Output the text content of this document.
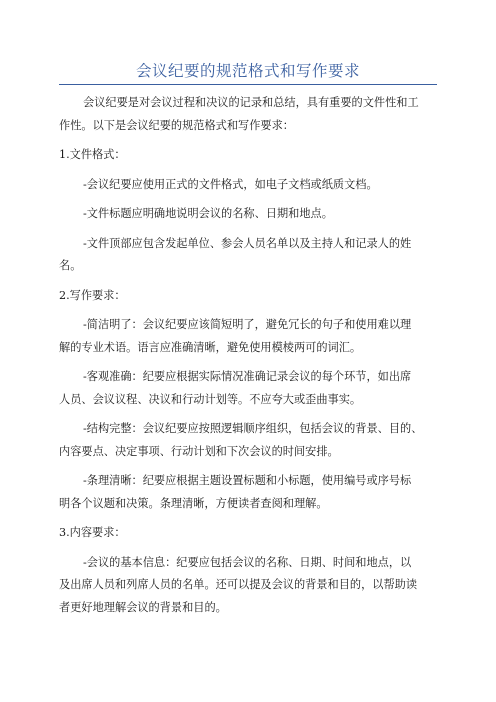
会议纪要的规范格式和写作要求

会议纪要是对会议过程和决议的记录和总结，具有重要的文件性和工

作性。以下是会议纪要的规范格式和写作要求：

1.文件格式：

-会议纪要应使用正式的文件格式，如电子文档或纸质文档。

-文件标题应明确地说明会议的名称、日期和地点。

-文件顶部应包含发起单位、参会人员名单以及主持人和记录人的姓

名。

2.写作要求：

-简洁明了：会议纪要应该简短明了，避免冗长的句子和使用难以理

解的专业术语。语言应准确清晰，避免使用模棱两可的词汇。

-客观准确：纪要应根据实际情况准确记录会议的每个环节，如出席

人员、会议议程、决议和行动计划等。不应夸大或歪曲事实。

-结构完整：会议纪要应按照逻辑顺序组织，包括会议的背景、目的、

内容要点、决定事项、行动计划和下次会议的时间安排。

-条理清晰：纪要应根据主题设置标题和小标题，使用编号或序号标

明各个议题和决策。条理清晰，方便读者查阅和理解。

3.内容要求：

-会议的基本信息：纪要应包括会议的名称、日期、时间和地点，以

及出席人员和列席人员的名单。还可以提及会议的背景和目的，以帮助读

者更好地理解会议的背景和目的。
